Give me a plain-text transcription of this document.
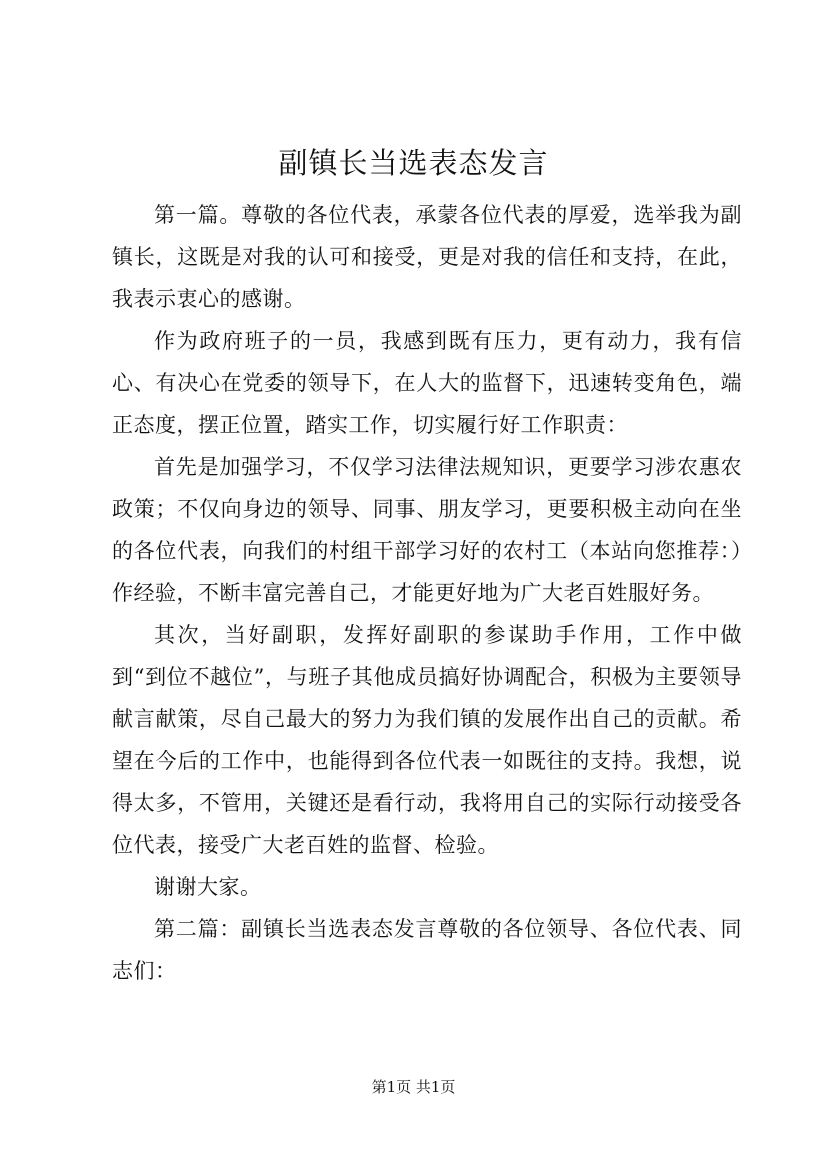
副镇长当选表态发言

第一篇。尊敬的各位代表，承蒙各位代表的厚爱，选举我为副镇长，这既是对我的认可和接受，更是对我的信任和支持，在此，我表示衷心的感谢。

作为政府班子的一员，我感到既有压力，更有动力，我有信心、有决心在党委的领导下，在人大的监督下，迅速转变角色，端正态度，摆正位置，踏实工作，切实履行好工作职责：

首先是加强学习，不仅学习法律法规知识，更要学习涉农惠农政策；不仅向身边的领导、同事、朋友学习，更要积极主动向在坐的各位代表，向我们的村组干部学习好的农村工（本站向您推荐：）作经验，不断丰富完善自己，才能更好地为广大老百姓服好务。

其次，当好副职，发挥好副职的参谋助手作用，工作中做到“到位不越位”，与班子其他成员搞好协调配合，积极为主要领导献言献策，尽自己最大的努力为我们镇的发展作出自己的贡献。希望在今后的工作中，也能得到各位代表一如既往的支持。我想，说得太多，不管用，关键还是看行动，我将用自己的实际行动接受各位代表，接受广大老百姓的监督、检验。

谢谢大家。

第二篇：副镇长当选表态发言尊敬的各位领导、各位代表、同志们：

第1页 共1页
